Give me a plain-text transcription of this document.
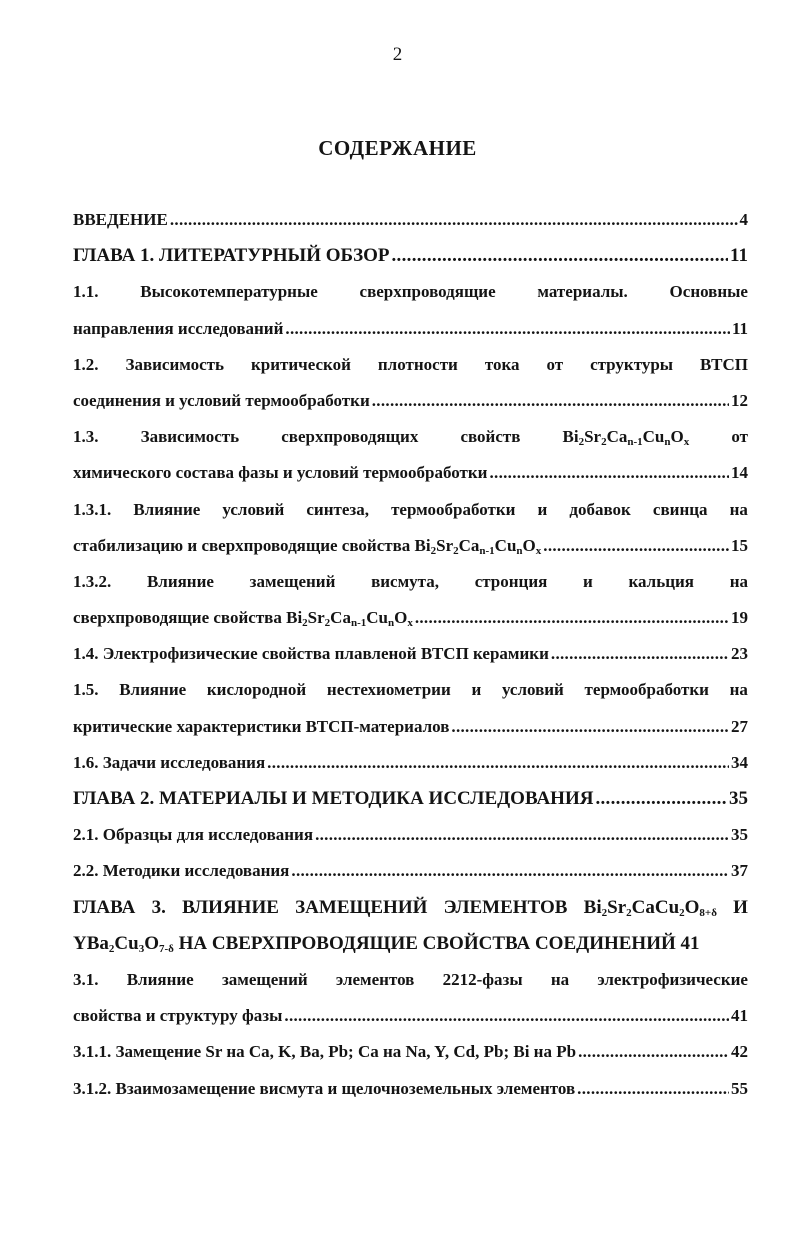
2
СОДЕРЖАНИЕ
ВВЕДЕНИЕ .....	4
ГЛАВА 1. ЛИТЕРАТУРНЫЙ ОБЗОР .....	11
1.1. Высокотемпературные сверхпроводящие материалы. Основные
направления исследований .....	11
1.2. Зависимость критической плотности тока от структуры ВТСП
соединения и условий термообработки .....	12
1.3. Зависимость сверхпроводящих свойств $Bi_2Sr_2Ca_{n-1}Cu_nO_x$ от
химического состава фазы и условий термообработки .....	14
1.3.1. Влияние условий синтеза, термообработки и добавок свинца на
стабилизацию и сверхпроводящие свойства $Bi_2Sr_2Ca_{n-1}Cu_nO_x$ .....	15
1.3.2. Влияние замещений висмута, стронция и кальция на
сверхпроводящие свойства $Bi_2Sr_2Ca_{n-1}Cu_nO_x$ .....	19
1.4. Электрофизические свойства плавленой ВТСП керамики .....	23
1.5. Влияние кислородной нестехиометрии и условий термообработки на
критические характеристики ВТСП-материалов .....	27
1.6. Задачи исследования .....	34
ГЛАВА 2. МАТЕРИАЛЫ И МЕТОДИКА ИССЛЕДОВАНИЯ .....	35
2.1. Образцы для исследования .....	35
2.2. Методики исследования .....	37
ГЛАВА 3. ВЛИЯНИЕ ЗАМЕЩЕНИЙ ЭЛЕМЕНТОВ $Bi_2Sr_2CaCu_2O_{8+\delta}$ И
$YBa_2Cu_3O_{7-\delta}$ НА СВЕРХПРОВОДЯЩИЕ СВОЙСТВА СОЕДИНЕНИЙ 41
3.1. Влияние замещений элементов 2212-фазы на электрофизические
свойства и структуру фазы .....	41
3.1.1. Замещение Sr на Ca, K, Ba, Pb; Ca на Na, Y, Cd, Pb; Bi на Pb .....	42
3.1.2. Взаимозамещение висмута и щелочноземельных элементов .....	55
